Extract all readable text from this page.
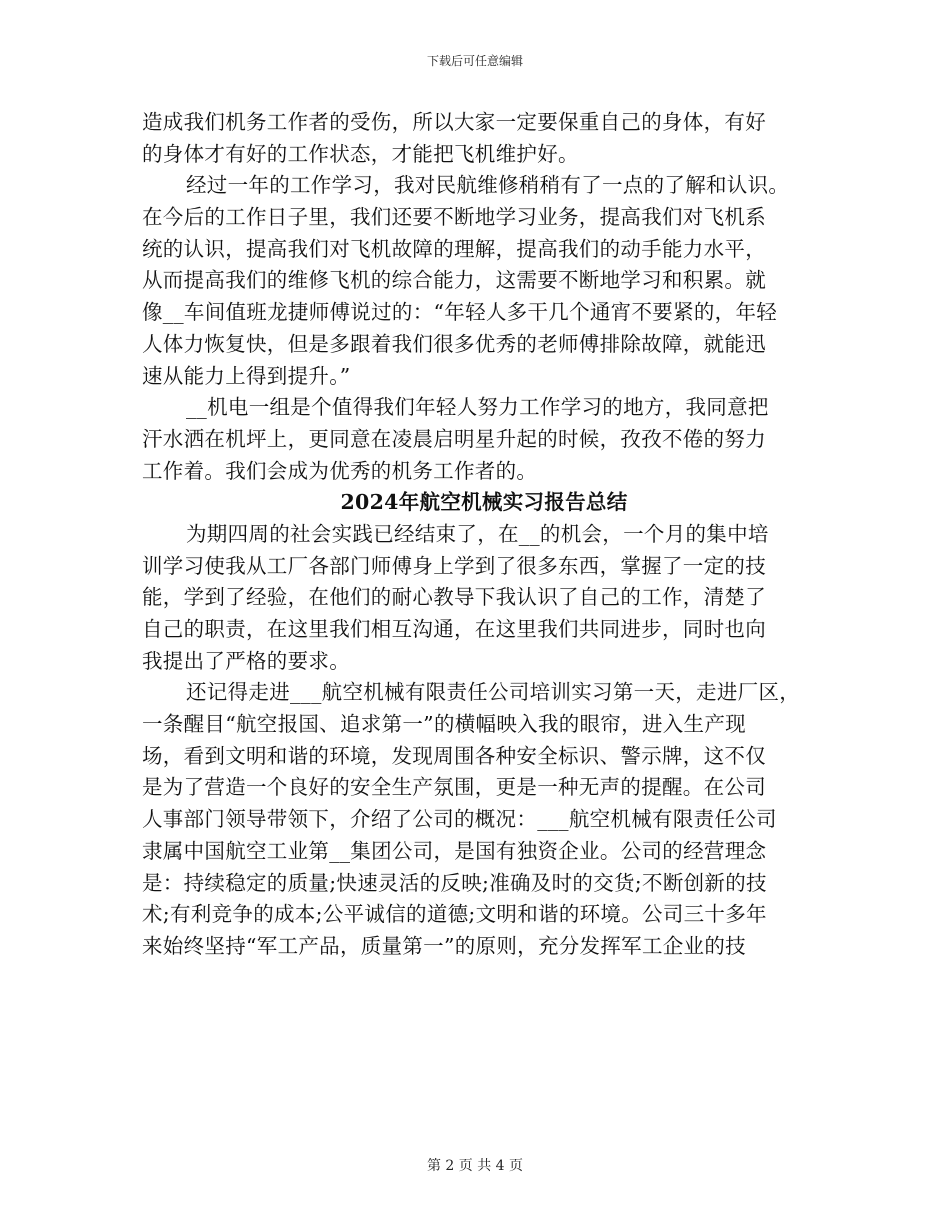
下载后可任意编辑
造成我们机务工作者的受伤，所以大家一定要保重自己的身体，有好
的身体才有好的工作状态，才能把飞机维护好。
经过一年的工作学习，我对民航维修稍稍有了一点的了解和认识。
在今后的工作日子里，我们还要不断地学习业务，提高我们对飞机系
统的认识，提高我们对飞机故障的理解，提高我们的动手能力水平，
从而提高我们的维修飞机的综合能力，这需要不断地学习和积累。就
像__车间值班龙捷师傅说过的：“年轻人多干几个通宵不要紧的，年轻
人体力恢复快，但是多跟着我们很多优秀的老师傅排除故障，就能迅
速从能力上得到提升。”
__机电一组是个值得我们年轻人努力工作学习的地方，我同意把
汗水洒在机坪上，更同意在凌晨启明星升起的时候，孜孜不倦的努力
工作着。我们会成为优秀的机务工作者的。
2024年航空机械实习报告总结
为期四周的社会实践已经结束了，在__的机会，一个月的集中培
训学习使我从工厂各部门师傅身上学到了很多东西，掌握了一定的技
能，学到了经验，在他们的耐心教导下我认识了自己的工作，清楚了
自己的职责，在这里我们相互沟通，在这里我们共同进步，同时也向
我提出了严格的要求。
还记得走进___航空机械有限责任公司培训实习第一天，走进厂区，
一条醒目“航空报国、追求第一”的横幅映入我的眼帘，进入生产现
场，看到文明和谐的环境，发现周围各种安全标识、警示牌，这不仅
是为了营造一个良好的安全生产氛围，更是一种无声的提醒。在公司
人事部门领导带领下，介绍了公司的概况：___航空机械有限责任公司
隶属中国航空工业第__集团公司，是国有独资企业。公司的经营理念
是：持续稳定的质量;快速灵活的反映;准确及时的交货;不断创新的技
术;有利竞争的成本;公平诚信的道德;文明和谐的环境。公司三十多年
来始终坚持“军工产品，质量第一”的原则，充分发挥军工企业的技
第 2 页 共 4 页
